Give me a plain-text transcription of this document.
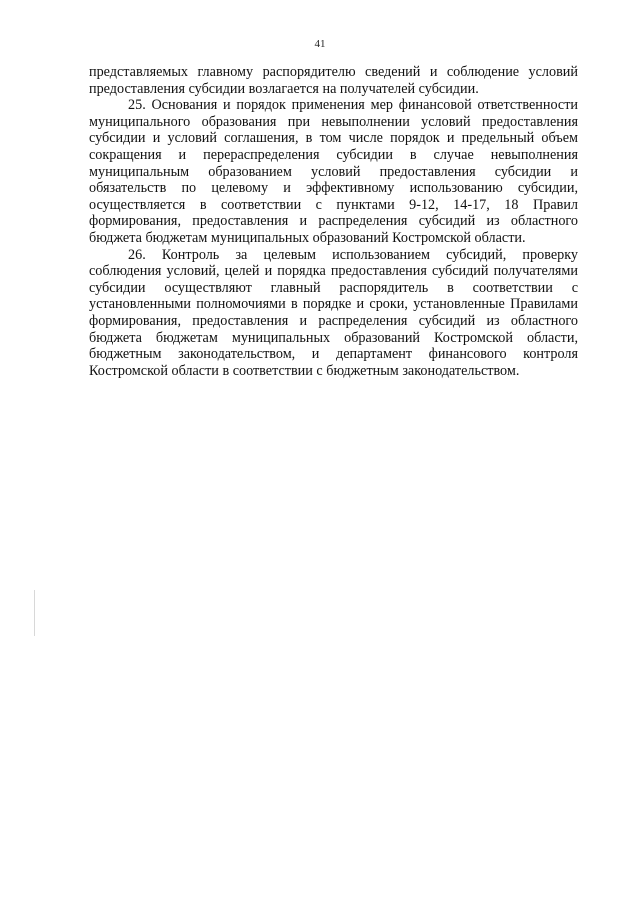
41

представляемых главному распорядителю сведений и соблюдение условий предоставления субсидии возлагается на получателей субсидии.

25. Основания и порядок применения мер финансовой ответственности муниципального образования при невыполнении условий предоставления субсидии и условий соглашения, в том числе порядок и предельный объем сокращения и перераспределения субсидии в случае невыполнения муниципальным образованием условий предоставления субсидии и обязательств по целевому и эффективному использованию субсидии, осуществляется в соответствии с пунктами 9-12, 14-17, 18 Правил формирования, предоставления и распределения субсидий из областного бюджета бюджетам муниципальных образований Костромской области.

26. Контроль за целевым использованием субсидий, проверку соблюдения условий, целей и порядка предоставления субсидий получателями субсидии осуществляют главный распорядитель в соответствии с установленными полномочиями в порядке и сроки, установленные Правилами формирования, предоставления и распределения субсидий из областного бюджета бюджетам муниципальных образований Костромской области, бюджетным законодательством, и департамент финансового контроля Костромской области в соответствии с бюджетным законодательством.
